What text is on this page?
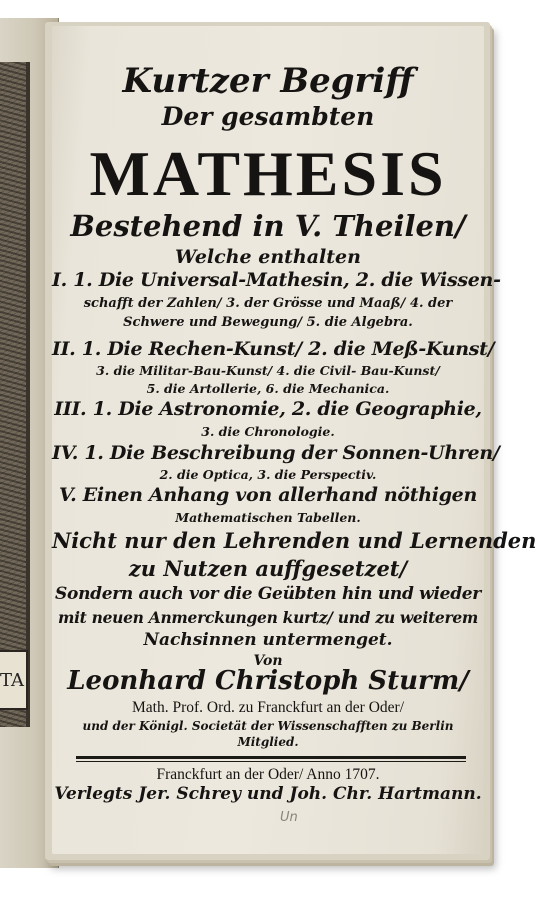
TA
Kurtzer Begriff
Der gesambten
MATHESIS
Bestehend in V. Theilen/
Welche enthalten
I. 1. Die Universal-Mathesin, 2. die Wissen-
schafft der Zahlen/ 3. der Grösse und Maaß/ 4. der
Schwere und Bewegung/ 5. die Algebra.
II. 1. Die Rechen-Kunst/ 2. die Meß-Kunst/
3. die Militar-Bau-Kunst/ 4. die Civil- Bau-Kunst/
5. die Artollerie, 6. die Mechanica.
III. 1. Die Astronomie, 2. die Geographie,
3. die Chronologie.
IV. 1. Die Beschreibung der Sonnen-Uhren/
2. die Optica, 3. die Perspectiv.
V. Einen Anhang von allerhand nöthigen
Mathematischen Tabellen.
Nicht nur den Lehrenden und Lernenden
zu Nutzen auffgesetzet/
Sondern auch vor die Geübten hin und wieder
mit neuen Anmerckungen kurtz/ und zu weiterem
Nachsinnen untermenget.
Von
Leonhard Christoph Sturm/
Math. Prof. Ord. zu Franckfurt an der Oder/
und der Königl. Societät der Wissenschafften zu Berlin
Mitglied.
Franckfurt an der Oder/ Anno 1707.
Verlegts Jer. Schrey und Joh. Chr. Hartmann.
Un
